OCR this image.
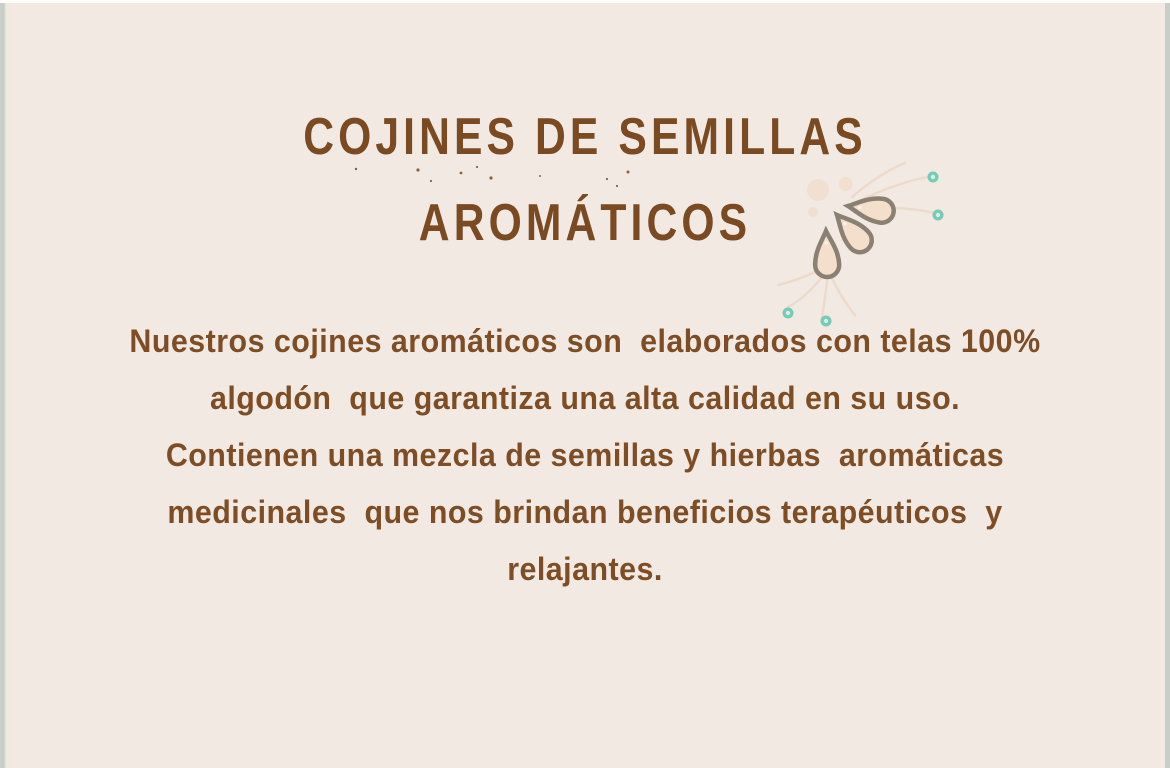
COJINES DE SEMILLAS
AROMÁTICOS

Nuestros cojines aromáticos son  elaborados con telas 100%

algodón  que garantiza una alta calidad en su uso.

Contienen una mezcla de semillas y hierbas  aromáticas

medicinales  que nos brindan beneficios terapéuticos  y

relajantes.
